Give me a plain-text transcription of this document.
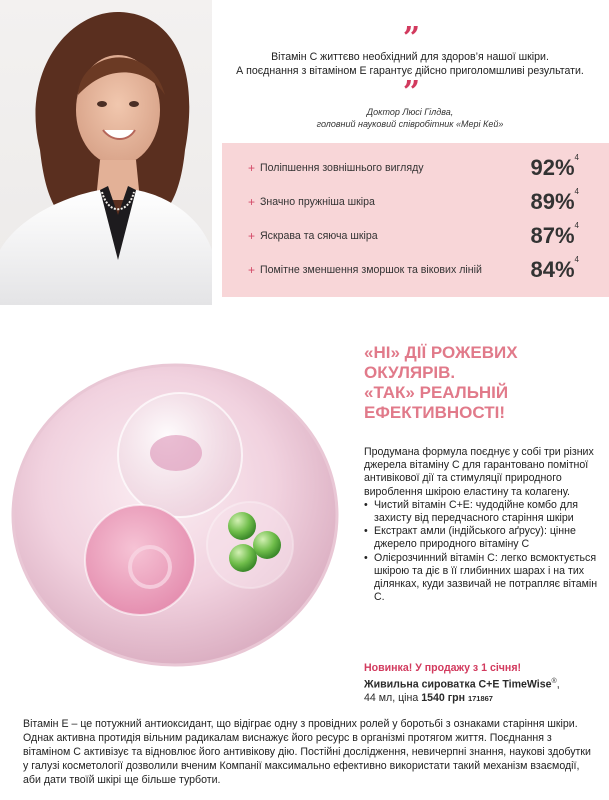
”
Вітамін С життєво необхідний для здоров’я нашої шкіри.
А поєднання з вітаміном Е гарантує дійсно приголомшливі результати.
”
Доктор Люсі Гілдва,
головний науковий співробітник «Мері Кей»
+ Поліпшення зовнішнього вигляду	92%$^4$
+ Значно пружніша шкіра	89%$^4$
+ Яскрава та сяюча шкіра	87%$^4$
+ Помітне зменшення зморшок та вікових ліній	84%$^4$
«НІ» ДІЇ РОЖЕВИХ
ОКУЛЯРІВ.
«ТАК» РЕАЛЬНІЙ
ЕФЕКТИВНОСТІ!
Продумана формула поєднує у собі три різних джерела вітаміну С для гарантовано помітної антивікової дії та стимуляції природного вироблення шкірою еластину та колагену.
• Чистий вітамін С+Е: чудодійне комбо для захисту від передчасного старіння шкіри
• Екстракт амли (індійського аґрусу): цінне джерело природного вітаміну С
• Олієрозчинний вітамін С: легко всмоктується шкірою та діє в її глибинних шарах і на тих ділянках, куди зазвичай не потрапляє вітамін С.
Новинка! У продажу з 1 січня!
Живильна сироватка С+Е TimeWise®,
44 мл, ціна 1540 грн 171867
Вітамін Е – це потужний антиоксидант, що відіграє одну з провідних ролей у боротьбі з ознаками старіння шкіри. Однак активна протидія вільним радикалам виснажує його ресурс в організмі протягом життя. Поєднання з вітаміном С активізує та відновлює його антивікову дію. Постійні дослідження, невичерпні знання, наукові здобутки у галузі косметології дозволили вченим Компанії максимально ефективно використати такий механізм взаємодії, аби дати твоїй шкірі ще більше турботи.
